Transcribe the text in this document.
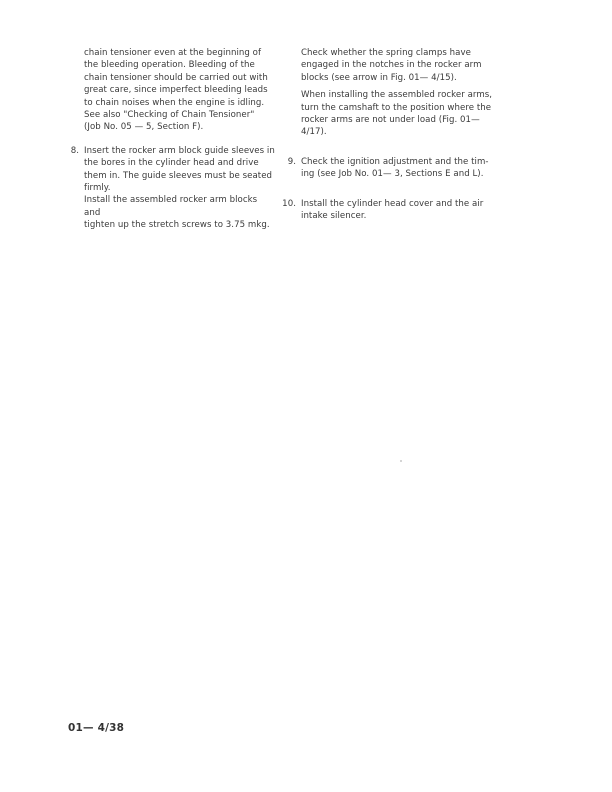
chain tensioner even at the beginning of
the bleeding operation. Bleeding of the
chain tensioner should be carried out with
great care, since imperfect bleeding leads
to chain noises when the engine is idling.
See also "Checking of Chain Tensioner"
(Job No. 05 — 5, Section F).

8. Insert the rocker arm block guide sleeves in
the bores in the cylinder head and drive
them in. The guide sleeves must be seated
firmly.
Install the assembled rocker arm blocks and
tighten up the stretch screws to 3.75 mkg.

Check whether the spring clamps have
engaged in the notches in the rocker arm
blocks (see arrow in Fig. 01— 4/15).

When installing the assembled rocker arms,
turn the camshaft to the position where the
rocker arms are not under load (Fig. 01—
4/17).

9. Check the ignition adjustment and the tim-
ing (see Job No. 01— 3, Sections E and L).
10. Install the cylinder head cover and the air
intake silencer.
01— 4/38
